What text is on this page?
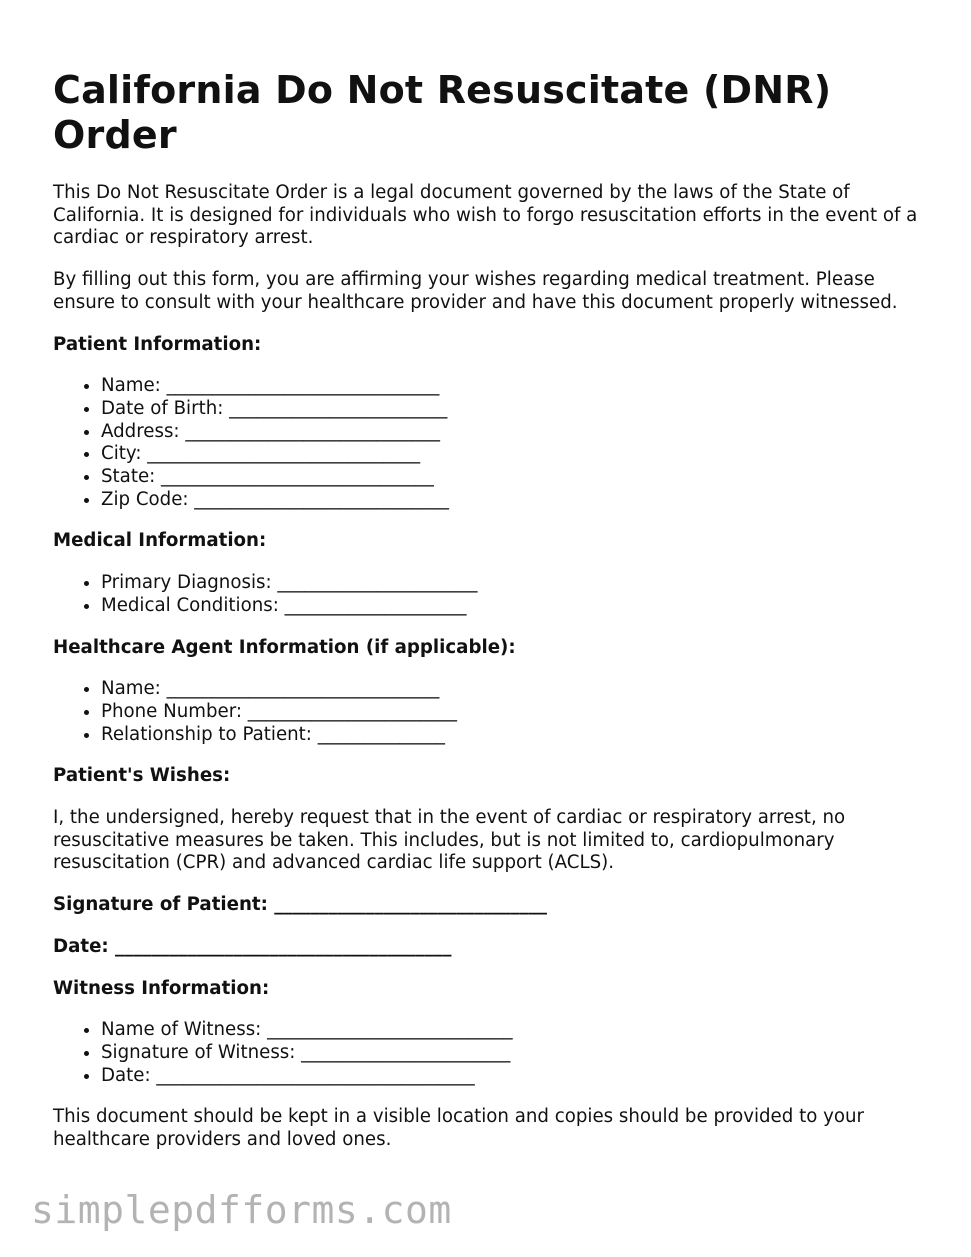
California Do Not Resuscitate (DNR) Order

This Do Not Resuscitate Order is a legal document governed by the laws of the State of California. It is designed for individuals who wish to forgo resuscitation efforts in the event of a cardiac or respiratory arrest.

By filling out this form, you are affirming your wishes regarding medical treatment. Please ensure to consult with your healthcare provider and have this document properly witnessed.

Patient Information:

• Name: ______________________________
• Date of Birth: ________________________
• Address: ____________________________
• City: ______________________________
• State: ______________________________
• Zip Code: ____________________________

Medical Information:

• Primary Diagnosis: ______________________
• Medical Conditions: ____________________

Healthcare Agent Information (if applicable):

• Name: ______________________________
• Phone Number: _______________________
• Relationship to Patient: ______________

Patient's Wishes:

I, the undersigned, hereby request that in the event of cardiac or respiratory arrest, no resuscitative measures be taken. This includes, but is not limited to, cardiopulmonary resuscitation (CPR) and advanced cardiac life support (ACLS).

Signature of Patient: ______________________________

Date: _____________________________________

Witness Information:

• Name of Witness: ___________________________
• Signature of Witness: _______________________
• Date: ___________________________________

This document should be kept in a visible location and copies should be provided to your healthcare providers and loved ones.

simplepdfforms.com
